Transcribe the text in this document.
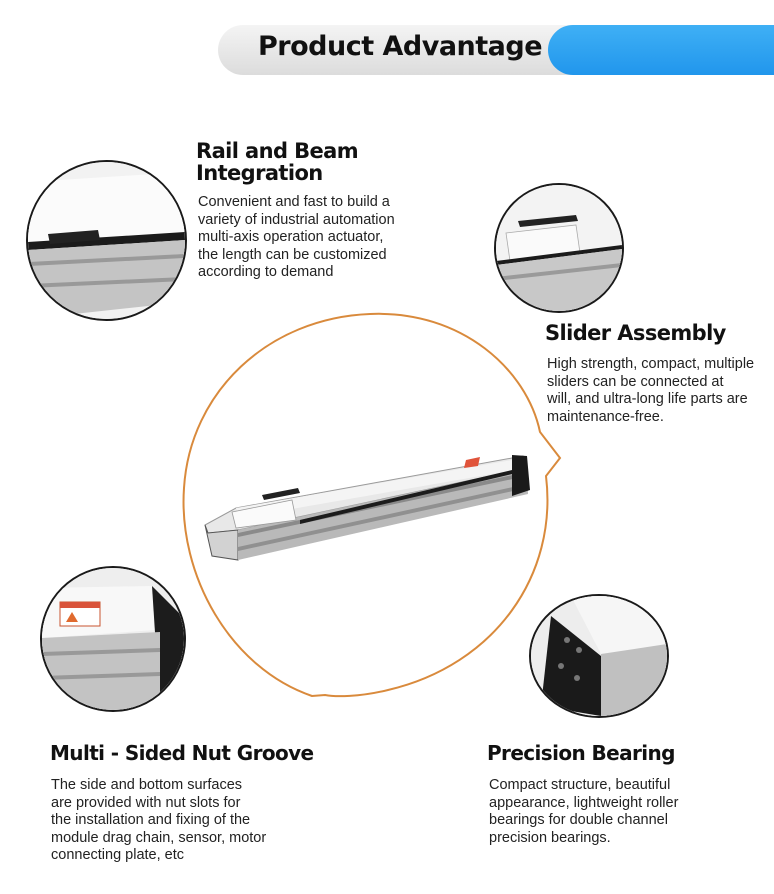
Product Advantage
Rail and Beam
Integration
Convenient and fast to build a
variety of industrial automation
multi-axis operation actuator,
the length can be customized
according to demand
Slider Assembly
High strength, compact, multiple
sliders can be connected at
will, and ultra-long life parts are
maintenance-free.
Multi - Sided Nut Groove
The side and bottom surfaces
are provided with nut slots for
the installation and fixing of the
module drag chain, sensor, motor
connecting plate, etc
Precision Bearing
Compact structure, beautiful
appearance, lightweight roller
bearings for double channel
precision bearings.
